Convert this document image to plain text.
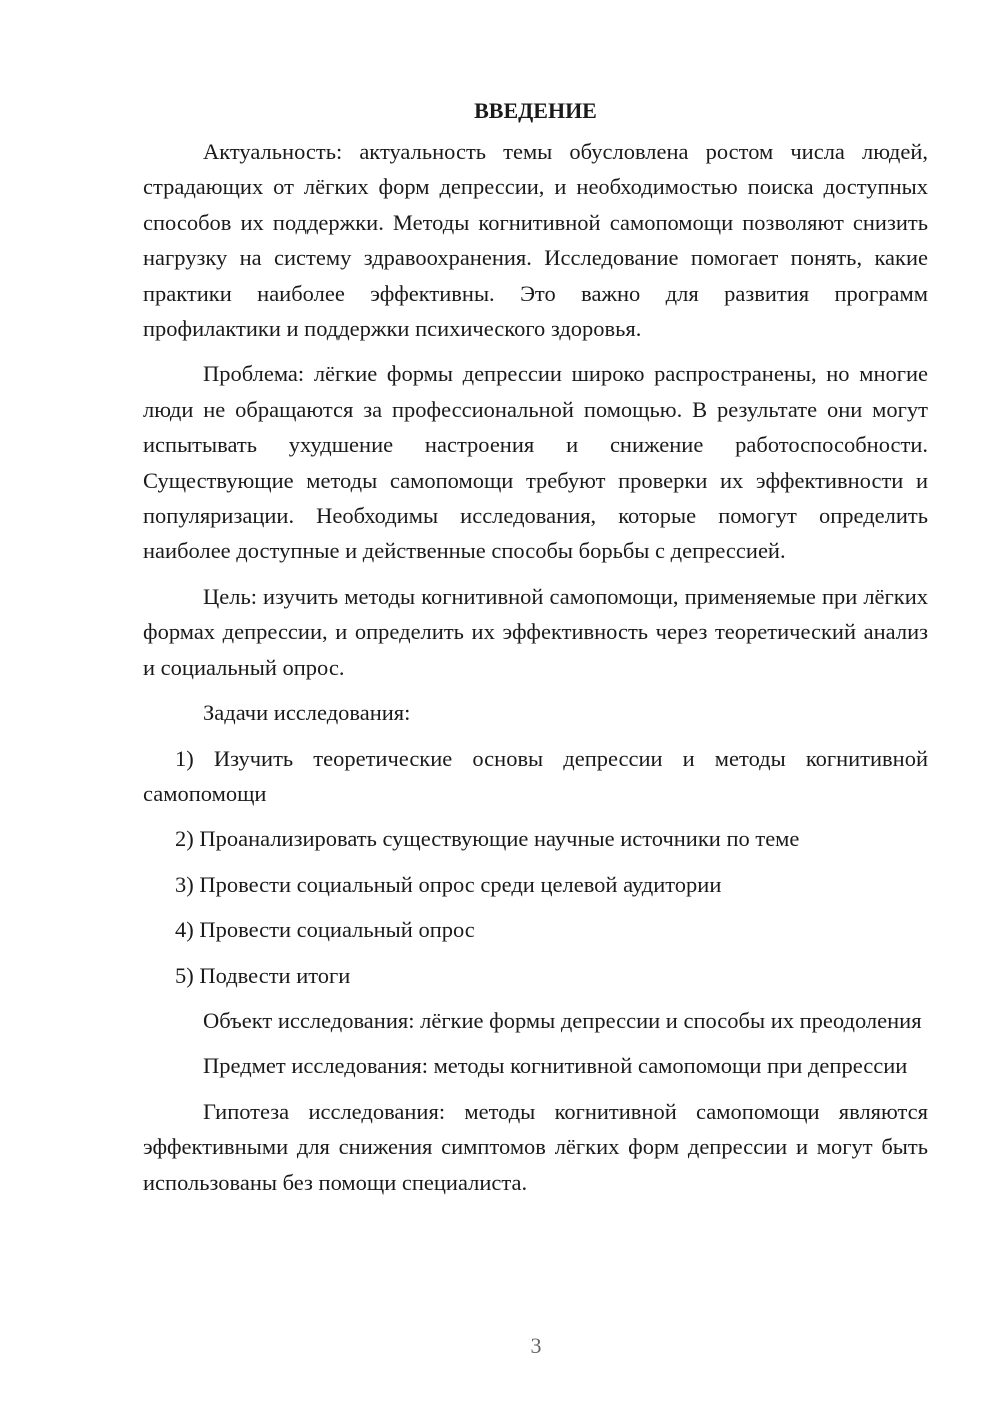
ВВЕДЕНИЕ

Актуальность: актуальность темы обусловлена ростом числа людей, страдающих от лёгких форм депрессии, и необходимостью поиска доступных способов их поддержки. Методы когнитивной самопомощи позволяют снизить нагрузку на систему здравоохранения. Исследование помогает понять, какие практики наиболее эффективны. Это важно для развития программ профилактики и поддержки психического здоровья.

Проблема: лёгкие формы депрессии широко распространены, но многие люди не обращаются за профессиональной помощью. В результате они могут испытывать ухудшение настроения и снижение работоспособности. Существующие методы самопомощи требуют проверки их эффективности и популяризации. Необходимы исследования, которые помогут определить наиболее доступные и действенные способы борьбы с депрессией.

Цель: изучить методы когнитивной самопомощи, применяемые при лёгких формах депрессии, и определить их эффективность через теоретический анализ и социальный опрос.

Задачи исследования:

1) Изучить теоретические основы депрессии и методы когнитивной самопомощи

2) Проанализировать существующие научные источники по теме

3) Провести социальный опрос среди целевой аудитории

4) Провести социальный опрос

5) Подвести итоги

Объект исследования: лёгкие формы депрессии и способы их преодоления

Предмет исследования: методы когнитивной самопомощи при депрессии

Гипотеза исследования: методы когнитивной самопомощи являются эффективными для снижения симптомов лёгких форм депрессии и могут быть использованы без помощи специалиста.

3
